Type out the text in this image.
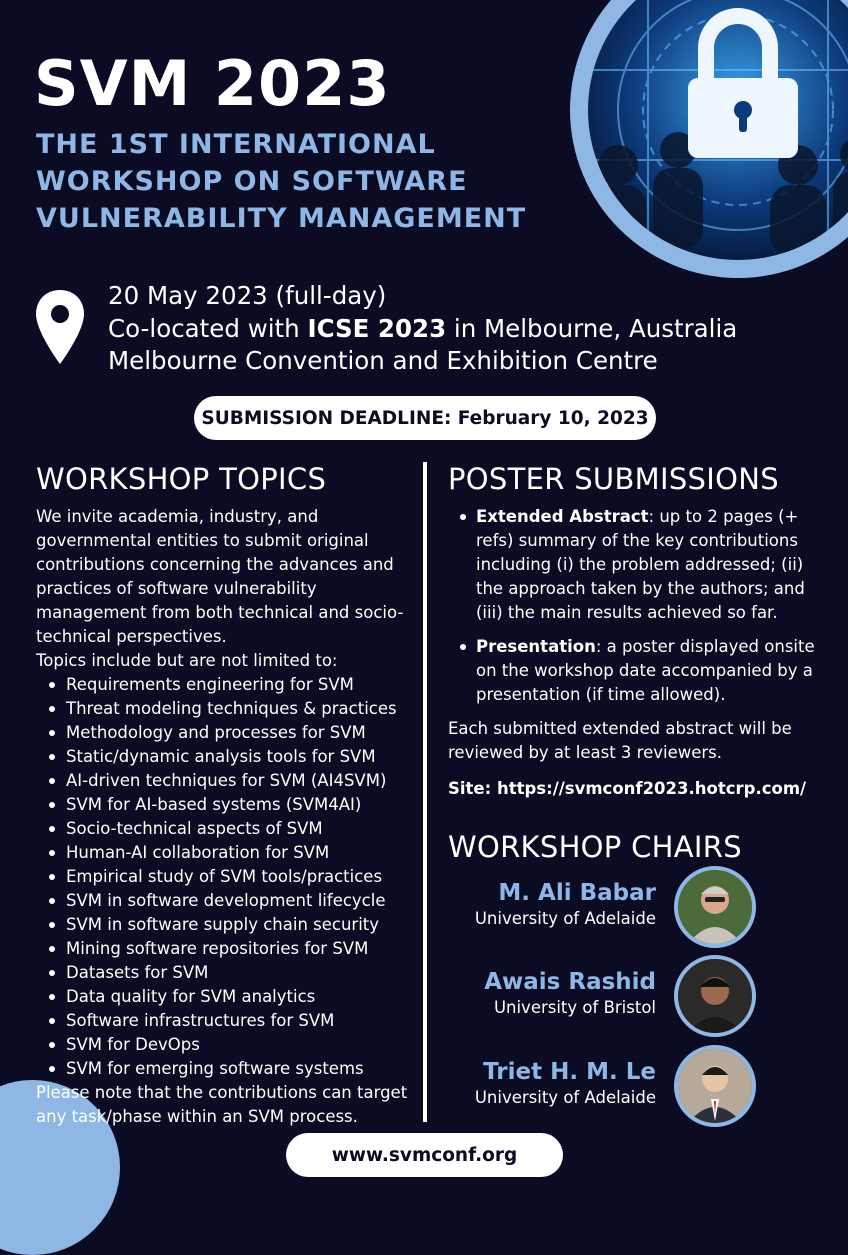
SVM 2023
THE 1ST INTERNATIONAL
WORKSHOP ON SOFTWARE
VULNERABILITY MANAGEMENT
20 May 2023 (full-day)
Co-located with ICSE 2023 in Melbourne, Australia
Melbourne Convention and Exhibition Centre
SUBMISSION DEADLINE: February 10, 2023
WORKSHOP TOPICS

We invite academia, industry, and governmental entities to submit original contributions concerning the advances and practices of software vulnerability management from both technical and socio-technical perspectives.

Topics include but are not limited to:

Requirements engineering for SVM
Threat modeling techniques & practices
Methodology and processes for SVM
Static/dynamic analysis tools for SVM
AI-driven techniques for SVM (AI4SVM)
SVM for AI-based systems (SVM4AI)
Socio-technical aspects of SVM
Human-AI collaboration for SVM
Empirical study of SVM tools/practices
SVM in software development lifecycle
SVM in software supply chain security
Mining software repositories for SVM
Datasets for SVM
Data quality for SVM analytics
Software infrastructures for SVM
SVM for DevOps
SVM for emerging software systems

Please note that the contributions can target any task/phase within an SVM process.

POSTER SUBMISSIONS
Extended Abstract: up to 2 pages (+ refs) summary of the key contributions including (i) the problem addressed; (ii) the approach taken by the authors; and (iii) the main results achieved so far.
Presentation: a poster displayed onsite on the workshop date accompanied by a presentation (if time allowed).

Each submitted extended abstract will be reviewed by at least 3 reviewers.

Site: https://svmconf2023.hotcrp.com/
WORKSHOP CHAIRS
M. Ali Babar
University of Adelaide
Awais Rashid
University of Bristol
Triet H. M. Le
University of Adelaide
www.svmconf.org
